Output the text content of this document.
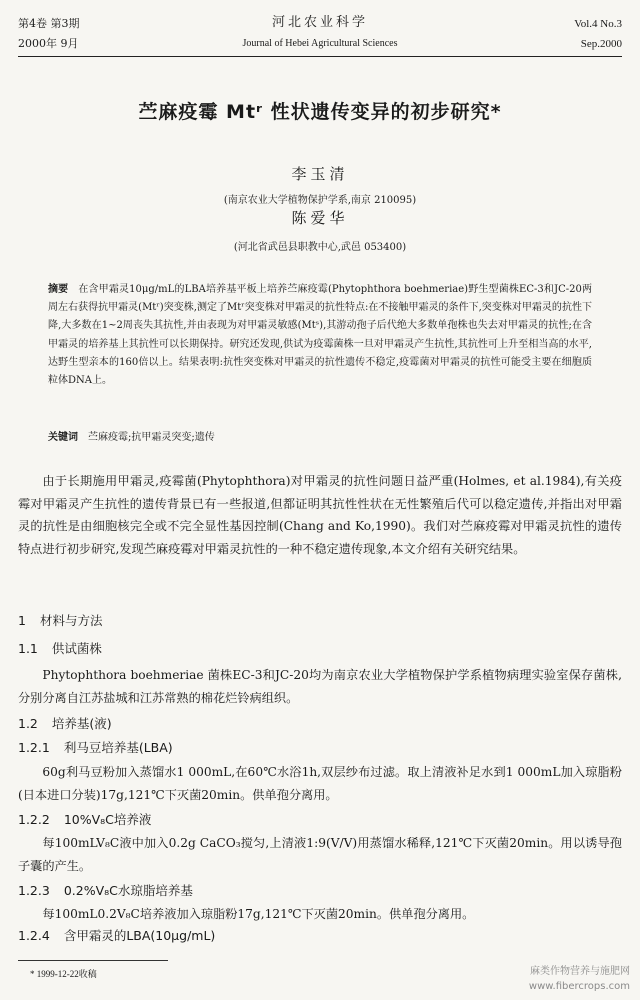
第4卷 第3期
2000年 9月
河北农业科学
Journal of Hebei Agricultural Sciences
Vol.4 No.3
Sep.2000
苎麻疫霉 Mtʳ 性状遗传变异的初步研究*
李玉清
(南京农业大学植物保护学系,南京 210095)
陈爱华
(河北省武邑县职教中心,武邑 053400)
摘要 在含甲霜灵10μg/mL的LBA培养基平板上培养苎麻疫霉(Phytophthora boehmeriae)野生型菌株EC-3和JC-20两周左右获得抗甲霜灵(Mtʳ)突变株,测定了Mtʳ突变株对甲霜灵的抗性特点:在不接触甲霜灵的条件下,突变株对甲霜灵的抗性下降,大多数在1~2周丧失其抗性,并由表现为对甲霜灵敏感(Mtˢ),其游动孢子后代绝大多数单孢株也失去对甲霜灵的抗性;在含甲霜灵的培养基上其抗性可以长期保持。研究还发现,供试为疫霉菌株一旦对甲霜灵产生抗性,其抗性可上升至相当高的水平,达野生型亲本的160倍以上。结果表明:抗性突变株对甲霜灵的抗性遗传不稳定,疫霉菌对甲霜灵的抗性可能受主要在细胞质粒体DNA上。
关键词 苎麻疫霉;抗甲霜灵突变;遗传
由于长期施用甲霜灵,疫霉菌(Phytophthora)对甲霜灵的抗性问题日益严重(Holmes, et al.1984),有关疫霉对甲霜灵产生抗性的遗传背景已有一些报道,但都证明其抗性性状在无性繁殖后代可以稳定遗传,并指出对甲霜灵的抗性是由细胞核完全或不完全显性基因控制(Chang and Ko,1990)。我们对苎麻疫霉对甲霜灵抗性的遗传特点进行初步研究,发现苎麻疫霉对甲霜灵抗性的一种不稳定遗传现象,本文介绍有关研究结果。
1 材料与方法
1.1 供试菌株
Phytophthora boehmeriae 菌株EC-3和JC-20均为南京农业大学植物保护学系植物病理实验室保存菌株,分别分离自江苏盐城和江苏常熟的棉花烂铃病组织。
1.2 培养基(液)
1.2.1 利马豆培养基(LBA)
60g利马豆粉加入蒸馏水1 000mL,在60℃水浴1h,双层纱布过滤。取上清液补足水到1 000mL加入琼脂粉(日本进口分装)17g,121℃下灭菌20min。供单孢分离用。
1.2.2 10%V₈C培养液
每100mLV₈C液中加入0.2g CaCO₃搅匀,上清液1:9(V/V)用蒸馏水稀释,121℃下灭菌20min。用以诱导孢子囊的产生。
1.2.3 0.2%V₈C水琼脂培养基
每100mL0.2V₈C培养液加入琼脂粉17g,121℃下灭菌20min。供单孢分离用。
1.2.4 含甲霜灵的LBA(10μg/mL)
* 1999-12-22收稿	麻类作物营养与施肥网
www.fibercrops.com
